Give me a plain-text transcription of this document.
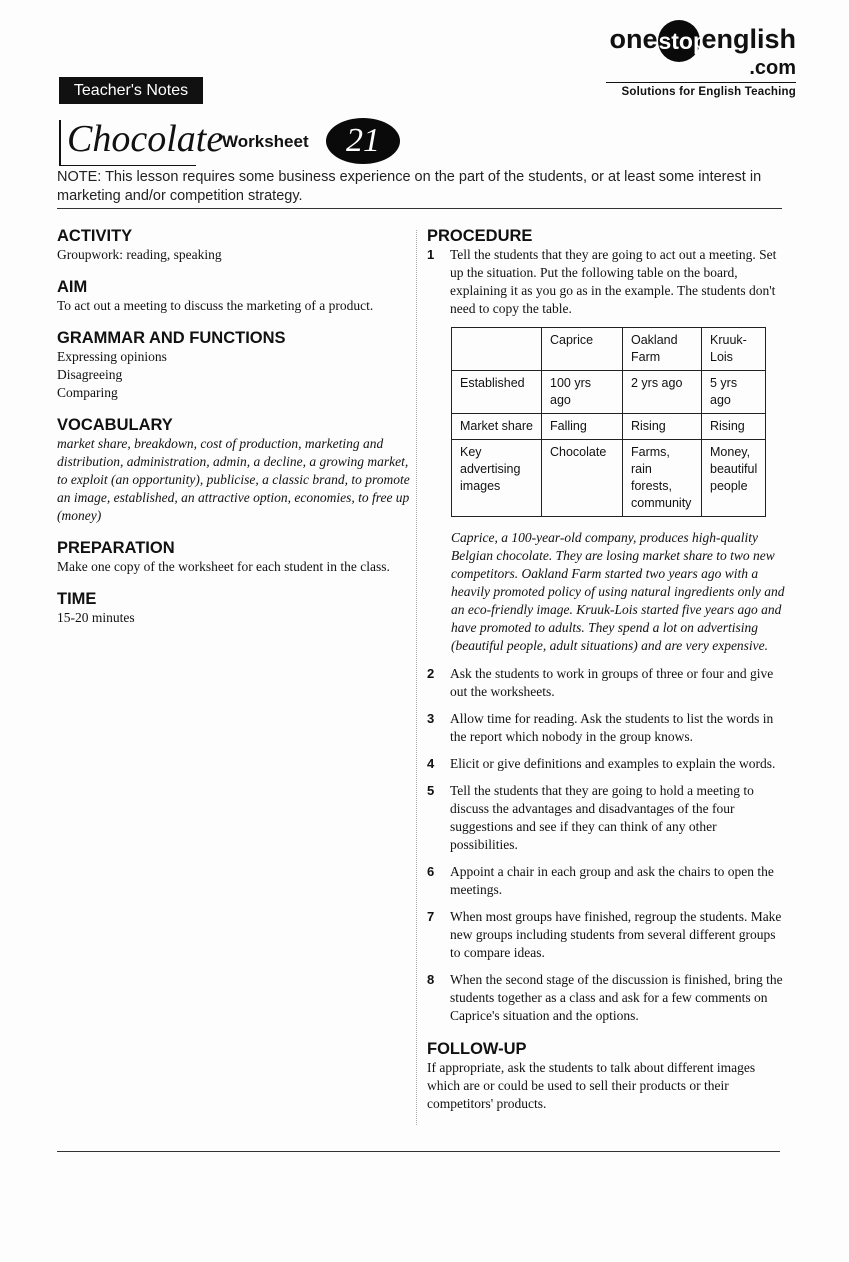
onestopenglish
.com
Solutions for English Teaching
Teacher's Notes
Chocolate
Worksheet	21
NOTE: This lesson requires some business experience on the part of the students, or at least some interest in marketing and/or competition strategy.

ACTIVITY

Groupwork: reading, speaking

AIM

To act out a meeting to discuss the marketing of a product.

GRAMMAR AND FUNCTIONS

Expressing opinions

Disagreeing

Comparing

VOCABULARY

market share, breakdown, cost of production, marketing and distribution, administration, admin, a decline, a growing market, to exploit (an opportunity), publicise, a classic brand, to promote an image, established, an attractive option, economies, to free up (money)

PREPARATION

Make one copy of the worksheet for each student in the class.

TIME

15-20 minutes

PROCEDURE

1 Tell the students that they are going to act out a meeting. Set up the situation. Put the following table on the board, explaining it as you go as in the example. The students don't need to copy the table.

	Caprice	Oakland Farm	Kruuk-Lois
Established	100 yrs ago	2 yrs ago	5 yrs ago
Market share	Falling	Rising	Rising
Key advertising images	Chocolate	Farms, rain forests, community	Money, beautiful people

Caprice, a 100-year-old company, produces high-quality Belgian chocolate. They are losing market share to two new competitors. Oakland Farm started two years ago with a heavily promoted policy of using natural ingredients only and an eco-friendly image. Kruuk-Lois started five years ago and have promoted to adults. They spend a lot on advertising (beautiful people, adult situations) and are very expensive.

2 Ask the students to work in groups of three or four and give out the worksheets.

3 Allow time for reading. Ask the students to list the words in the report which nobody in the group knows.

4 Elicit or give definitions and examples to explain the words.

5 Tell the students that they are going to hold a meeting to discuss the advantages and disadvantages of the four suggestions and see if they can think of any other possibilities.

6 Appoint a chair in each group and ask the chairs to open the meetings.

7 When most groups have finished, regroup the students. Make new groups including students from several different groups to compare ideas.

8 When the second stage of the discussion is finished, bring the students together as a class and ask for a few comments on Caprice's situation and the options.

FOLLOW-UP

If appropriate, ask the students to talk about different images which are or could be used to sell their products or their competitors' products.
